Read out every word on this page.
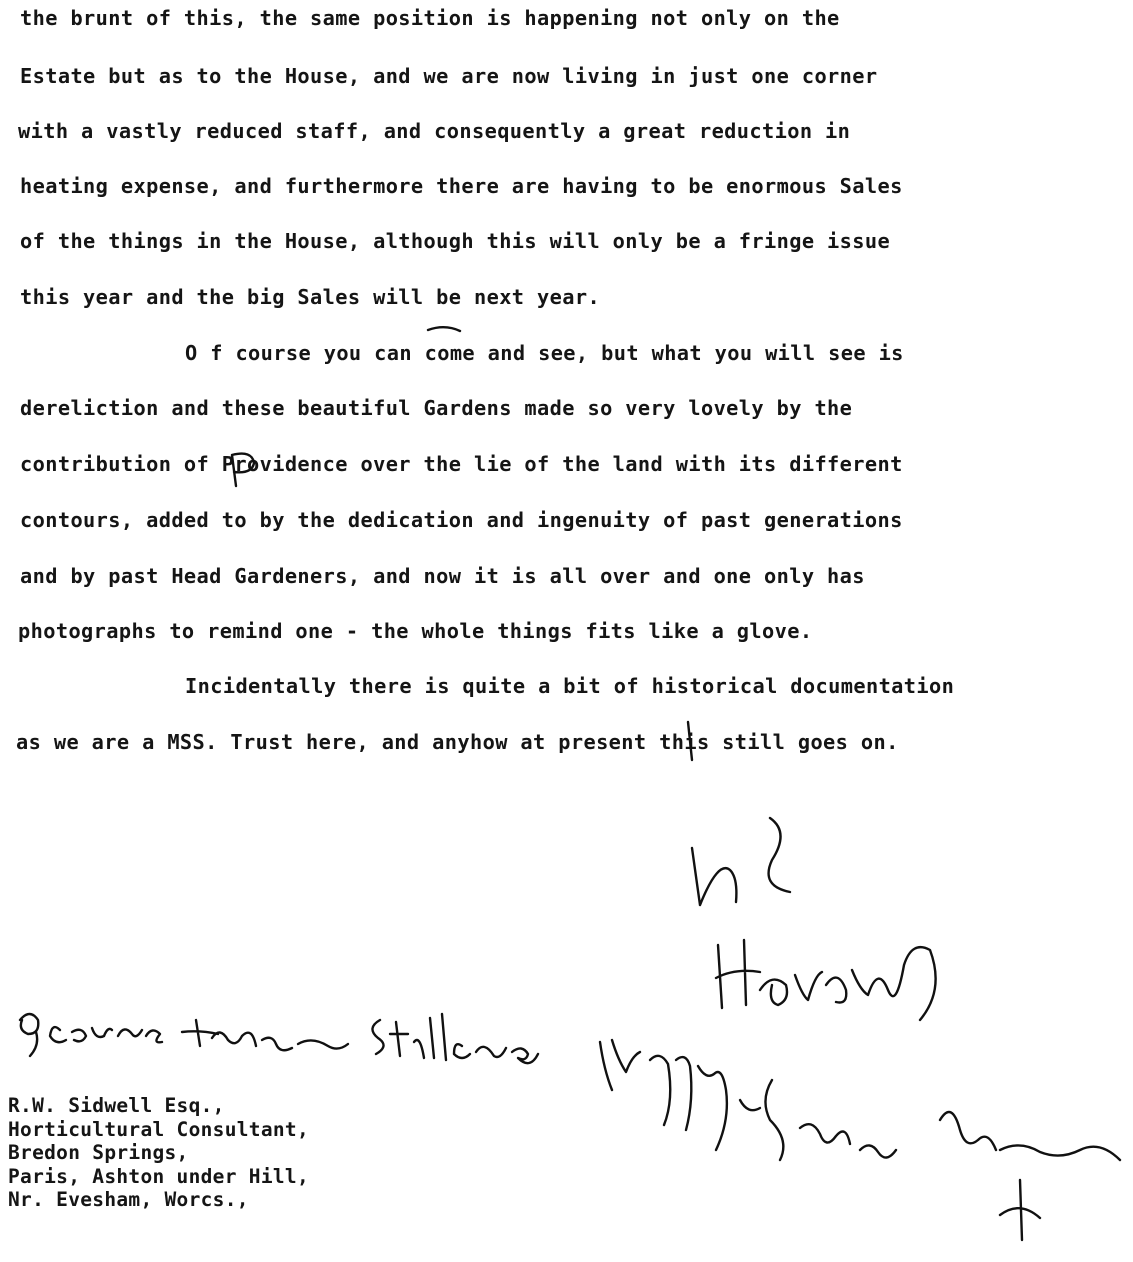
the brunt of this, the same position is happening not only on the
Estate but as to the House, and we are now living in just one corner
with a vastly reduced staff, and consequently a great reduction in
heating expense, and furthermore there are having to be enormous Sales
of the things in the House, although this will only be a fringe issue
this year and the big Sales will be next year.
O f course you can come and see, but what you will see is
dereliction and these beautiful Gardens made so very lovely by the
contribution of Providence over the lie of the land with its different
contours, added to by the dedication and ingenuity of past generations
and by past Head Gardeners, and now it is all over and one only has
photographs to remind one - the whole things fits like a glove.
Incidentally there is quite a bit of historical documentation
as we are a MSS. Trust here, and anyhow at present this still goes on.
R.W. Sidwell Esq.,
Horticultural Consultant,
Bredon Springs,
Paris, Ashton under Hill,
Nr. Evesham, Worcs.,
